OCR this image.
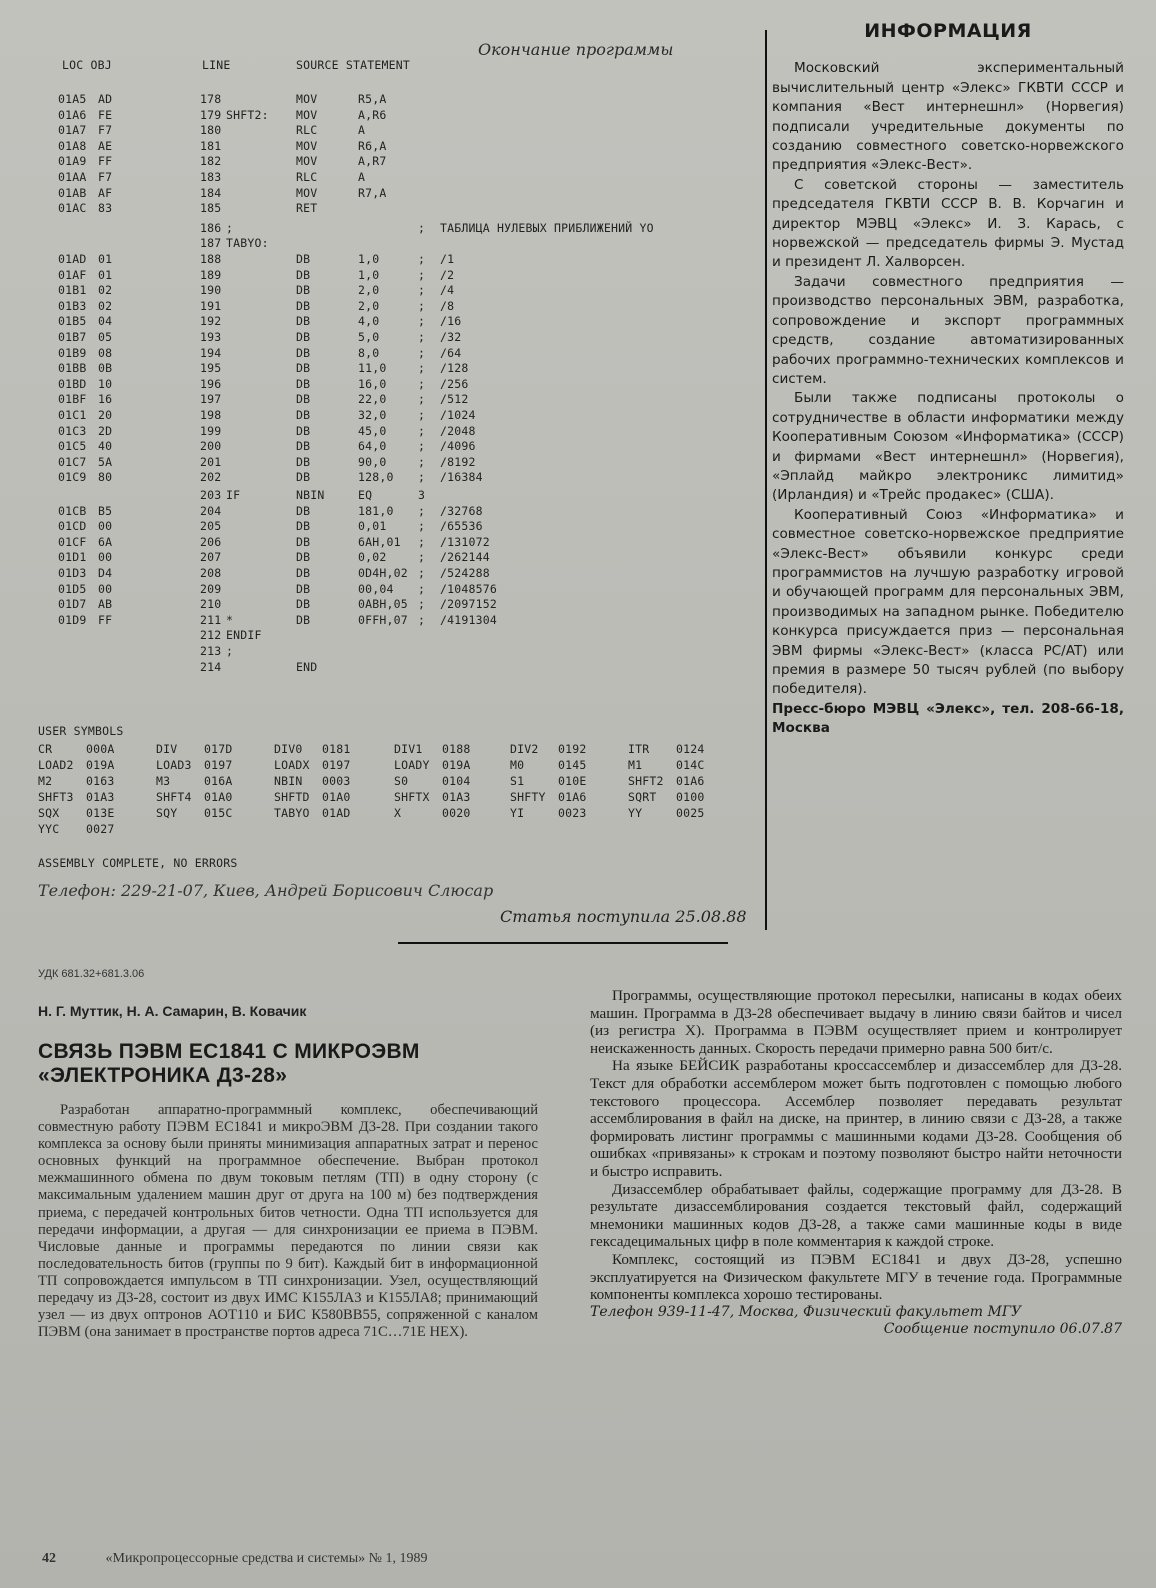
Окончание программы
LOC OBJ	LINE	SOURCE STATEMENT
01A5 AD	178	MOV	R5,A
01A6 FE	179 SHFT2: MOV	A,R6
01A7 F7	180	RLC	A
01A8 AE	181	MOV	R6,A
01A9 FF	182	MOV	A,R7
01AA F7	183	RLC	A
01AB AF	184	MOV	R7,A
01AC 83	185	RET
186 ;	; ТАБЛИЦА НУЛЕВЫХ ПРИБЛИЖЕНИЙ YO
187 TABYO:
01AD 01	188	DB	1,0	; /1
01AF 01	189	DB	1,0	; /2
01B1 02	190	DB	2,0	; /4
01B3 02	191	DB	2,0	; /8
01B5 04	192	DB	4,0	; /16
01B7 05	193	DB	5,0	; /32
01B9 08	194	DB	8,0	; /64
01BB 0B	195	DB	11,0	; /128
01BD 10	196	DB	16,0	; /256
01BF 16	197	DB	22,0	; /512
01C1 20	198	DB	32,0	; /1024
01C3 2D	199	DB	45,0	; /2048
01C5 40	200	DB	64,0	; /4096
01C7 5A	201	DB	90,0	; /8192
01C9 80	202	DB	128,0 ; /16384
203 IF	NBIN	EQ	3
01CB B5	204	DB	181,0 ; /32768
01CD 00	205	DB	0,01	; /65536
01CF 6A	206	DB	6AH,01 ; /131072
01D1 00	207	DB	0,02	; /262144
01D3 D4	208	DB	0D4H,02 ; /524288
01D5 00	209	DB	00,04 ; /1048576
01D7 AB	210	DB	0ABH,05 ; /2097152
01D9 FF	211 *	DB	0FFH,07 ; /4191304
212 ENDIF
213 ;
214	END
USER SYMBOLS
CR	000A	DIV 017D	DIV0 0181	DIV1 0188	DIV2 0192	ITR 0124
LOAD2 019A	LOAD3 0197	LOADX 0197	LOADY 019A	M0	0145	M1	014C
M2	0163	M3	016A	NBIN 0003	S0	0104	S1	010E	SHFT2 01A6
SHFT3 01A3	SHFT4 01A0	SHFTD 01A0	SHFTX 01A3	SHFTY 01A6	SQRT 0100
SQX 013E	SQY 015C	TABYO 01AD	X	0020	YI	0023	YY	0025
YYC 0027
ASSEMBLY COMPLETE, NO ERRORS
Телефон: 229-21-07, Киев, Андрей Борисович Слюсар
Статья поступила 25.08.88
ИНФОРМАЦИЯ

Московский экспериментальный вычислительный центр «Элекс» ГКВТИ СССР и компания «Вест интернешнл» (Норвегия) подписали учредительные документы по созданию совместного советско-норвежского предприятия «Элекс-Вест».

С советской стороны — заместитель председателя ГКВТИ СССР В. В. Корчагин и директор МЭВЦ «Элекс» И. З. Карась, с норвежской — председатель фирмы Э. Мустад и президент Л. Халворсен.

Задачи совместного предприятия — производство персональных ЭВМ, разработка, сопровождение и экспорт программных средств, создание автоматизированных рабочих программно-технических комплексов и систем.

Были также подписаны протоколы о сотрудничестве в области информатики между Кооперативным Союзом «Информатика» (СССР) и фирмами «Вест интернешнл» (Норвегия), «Эплайд майкро электроникс лимитид» (Ирландия) и «Трейс продакес» (США).

Кооперативный Союз «Информатика» и совместное советско-норвежское предприятие «Элекс-Вест» объявили конкурс среди программистов на лучшую разработку игровой и обучающей программ для персональных ЭВМ, производимых на западном рынке. Победителю конкурса присуждается приз — персональная ЭВМ фирмы «Элекс-Вест» (класса PC/AT) или премия в размере 50 тысяч рублей (по выбору победителя).

Пресс-бюро МЭВЦ «Элекс», тел. 208-66-18, Москва

УДК 681.32+681.3.06
Н. Г. Муттик, Н. А. Самарин, В. Ковачик
СВЯЗЬ ПЭВМ ЕС1841 С МИКРОЭВМ
«ЭЛЕКТРОНИКА Д3-28»

Разработан аппаратно-программный комплекс, обеспечивающий совместную работу ПЭВМ ЕС1841 и микроЭВМ Д3-28. При создании такого комплекса за основу были приняты минимизация аппаратных затрат и перенос основных функций на программное обеспечение. Выбран протокол межмашинного обмена по двум токовым петлям (ТП) в одну сторону (с максимальным удалением машин друг от друга на 100 м) без подтверждения приема, с передачей контрольных битов четности. Одна ТП используется для передачи информации, а другая — для синхронизации ее приема в ПЭВМ. Числовые данные и программы передаются по линии связи как последовательность битов (группы по 9 бит). Каждый бит в информационной ТП сопровождается импульсом в ТП синхронизации. Узел, осуществляющий передачу из Д3-28, состоит из двух ИМС К155ЛА3 и К155ЛА8; принимающий узел — из двух оптронов АОТ110 и БИС К580ВВ55, сопряженной с каналом ПЭВМ (она занимает в пространстве портов адреса 71С…71Е HEX).

Программы, осуществляющие протокол пересылки, написаны в кодах обеих машин. Программа в Д3-28 обеспечивает выдачу в линию связи байтов и чисел (из регистра X). Программа в ПЭВМ осуществляет прием и контролирует неискаженность данных. Скорость передачи примерно равна 500 бит/с.

На языке БЕЙСИК разработаны кроссассемблер и дизассемблер для Д3-28. Текст для обработки ассемблером может быть подготовлен с помощью любого текстового процессора. Ассемблер позволяет передавать результат ассемблирования в файл на диске, на принтер, в линию связи с Д3-28, а также формировать листинг программы с машинными кодами Д3-28. Сообщения об ошибках «привязаны» к строкам и поэтому позволяют быстро найти неточности и быстро исправить.

Дизассемблер обрабатывает файлы, содержащие программу для Д3-28. В результате дизассемблирования создается текстовый файл, содержащий мнемоники машинных кодов Д3-28, а также сами машинные коды в виде гексадецимальных цифр в поле комментария к каждой строке.

Комплекс, состоящий из ПЭВМ ЕС1841 и двух Д3-28, успешно эксплуатируется на Физическом факультете МГУ в течение года. Программные компоненты комплекса хорошо тестированы.

Телефон 939-11-47, Москва, Физический факультет МГУ

Сообщение поступило 06.07.87

42	«Микропроцессорные средства и системы» № 1, 1989
